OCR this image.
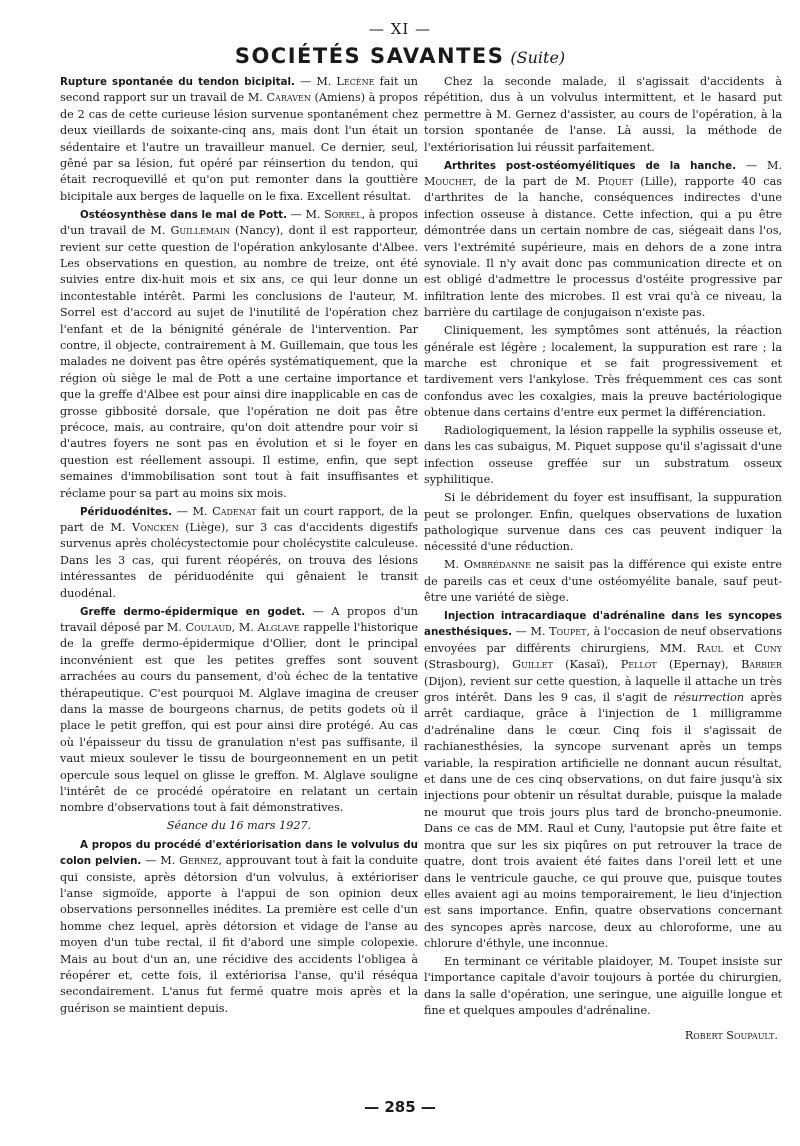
— XI —
SOCIÉTÉS SAVANTES (Suite)

Rupture spontanée du tendon bicipital. — M. Lecène fait un second rapport sur un travail de M. Caraven (Amiens) à propos de 2 cas de cette curieuse lésion survenue spontanément chez deux vieillards de soixante-cinq ans, mais dont l'un était un sédentaire et l'autre un travailleur manuel. Ce dernier, seul, gêné par sa lésion, fut opéré par réinsertion du tendon, qui était recroquevillé et qu'on put remonter dans la gouttière bicipitale aux berges de laquelle on le fixa. Excellent résultat.

Ostéosynthèse dans le mal de Pott. — M. Sorrel, à propos d'un travail de M. Guillemain (Nancy), dont il est rapporteur, revient sur cette question de l'opération ankylosante d'Albee. Les observations en question, au nombre de treize, ont été suivies entre dix-huit mois et six ans, ce qui leur donne un incontestable intérêt. Parmi les conclusions de l'auteur, M. Sorrel est d'accord au sujet de l'inutilité de l'opération chez l'enfant et de la bénignité générale de l'intervention. Par contre, il objecte, contrairement à M. Guillemain, que tous les malades ne doivent pas être opérés systématiquement, que la région où siège le mal de Pott a une certaine importance et que la greffe d'Albee est pour ainsi dire inapplicable en cas de grosse gibbosité dorsale, que l'opération ne doit pas être précoce, mais, au contraire, qu'on doit attendre pour voir si d'autres foyers ne sont pas en évolution et si le foyer en question est réellement assoupi. Il estime, enfin, que sept semaines d'immobilisation sont tout à fait insuffisantes et réclame pour sa part au moins six mois.

Périduodénites. — M. Cadenat fait un court rapport, de la part de M. Voncken (Liège), sur 3 cas d'accidents digestifs survenus après cholécystectomie pour cholécystite calculeuse. Dans les 3 cas, qui furent réopérés, on trouva des lésions intéressantes de périduodénite qui gênaient le transit duodénal.

Greffe dermo-épidermique en godet. — A propos d'un travail déposé par M. Coulaud, M. Alglave rappelle l'historique de la greffe dermo-épidermique d'Ollier, dont le principal inconvénient est que les petites greffes sont souvent arrachées au cours du pansement, d'où échec de la tentative thérapeutique. C'est pourquoi M. Alglave imagina de creuser dans la masse de bourgeons charnus, de petits godets où il place le petit greffon, qui est pour ainsi dire protégé. Au cas où l'épaisseur du tissu de granulation n'est pas suffisante, il vaut mieux soulever le tissu de bourgeonnement en un petit opercule sous lequel on glisse le greffon. M. Alglave souligne l'intérêt de ce procédé opératoire en relatant un certain nombre d'observations tout à fait démonstratives.

Séance du 16 mars 1927.

A propos du procédé d'extériorisation dans le volvulus du colon pelvien. — M. Gernez, approuvant tout à fait la conduite qui consiste, après détorsion d'un volvulus, à extérioriser l'anse sigmoïde, apporte à l'appui de son opinion deux observations personnelles inédites. La première est celle d'un homme chez lequel, après détorsion et vidage de l'anse au moyen d'un tube rectal, il fit d'abord une simple colopexie. Mais au bout d'un an, une récidive des accidents l'obligea à réopérer et, cette fois, il extériorisa l'anse, qu'il réséqua secondairement. L'anus fut fermé quatre mois après et la guérison se maintient depuis.

Chez la seconde malade, il s'agissait d'accidents à répétition, dus à un volvulus intermittent, et le hasard put permettre à M. Gernez d'assister, au cours de l'opération, à la torsion spontanée de l'anse. Là aussi, la méthode de l'extériorisation lui réussit parfaitement.

Arthrites post-ostéomyélitiques de la hanche. — M. Mouchet, de la part de M. Piquet (Lille), rapporte 40 cas d'arthrites de la hanche, conséquences indirectes d'une infection osseuse à distance. Cette infection, qui a pu être démontrée dans un certain nombre de cas, siégeait dans l'os, vers l'extrémité supérieure, mais en dehors de a zone intra synoviale. Il n'y avait donc pas communication directe et on est obligé d'admettre le processus d'ostéite progressive par infiltration lente des microbes. Il est vrai qu'à ce niveau, la barrière du cartilage de conjugaison n'existe pas.

Cliniquement, les symptômes sont atténués, la réaction générale est légère ; localement, la suppuration est rare ; la marche est chronique et se fait progressivement et tardivement vers l'ankylose. Très fréquemment ces cas sont confondus avec les coxalgies, mais la preuve bactériologique obtenue dans certains d'entre eux permet la différenciation.

Radiologiquement, la lésion rappelle la syphilis osseuse et, dans les cas subaigus, M. Piquet suppose qu'il s'agissait d'une infection osseuse greffée sur un substratum osseux syphilitique.

Si le débridement du foyer est insuffisant, la suppuration peut se prolonger. Enfin, quelques observations de luxation pathologique survenue dans ces cas peuvent indiquer la nécessité d'une réduction.

M. Ombrédanne ne saisit pas la différence qui existe entre de pareils cas et ceux d'une ostéomyélite banale, sauf peut-être une variété de siège.

Injection intracardiaque d'adrénaline dans les syncopes anesthésiques. — M. Toupet, à l'occasion de neuf observations envoyées par différents chirurgiens, MM. Raul et Cuny (Strasbourg), Guillet (Kasaï), Pellot (Epernay), Barbier (Dijon), revient sur cette question, à laquelle il attache un très gros intérêt. Dans les 9 cas, il s'agit de résurrection après arrêt cardiaque, grâce à l'injection de 1 milligramme d'adrénaline dans le cœur. Cinq fois il s'agissait de rachianesthésies, la syncope survenant après un temps variable, la respiration artificielle ne donnant aucun résultat, et dans une de ces cinq observations, on dut faire jusqu'à six injections pour obtenir un résultat durable, puisque la malade ne mourut que trois jours plus tard de broncho-pneumonie. Dans ce cas de MM. Raul et Cuny, l'autopsie put être faite et montra que sur les six piqûres on put retrouver la trace de quatre, dont trois avaient été faites dans l'oreil lett et une dans le ventricule gauche, ce qui prouve que, puisque toutes elles avaient agi au moins temporairement, le lieu d'injection est sans importance. Enfin, quatre observations concernant des syncopes après narcose, deux au chloroforme, une au chlorure d'éthyle, une inconnue.

En terminant ce véritable plaidoyer, M. Toupet insiste sur l'importance capitale d'avoir toujours à portée du chirurgien, dans la salle d'opération, une seringue, une aiguille longue et fine et quelques ampoules d'adrénaline.

Robert Soupault.
— 285 —
